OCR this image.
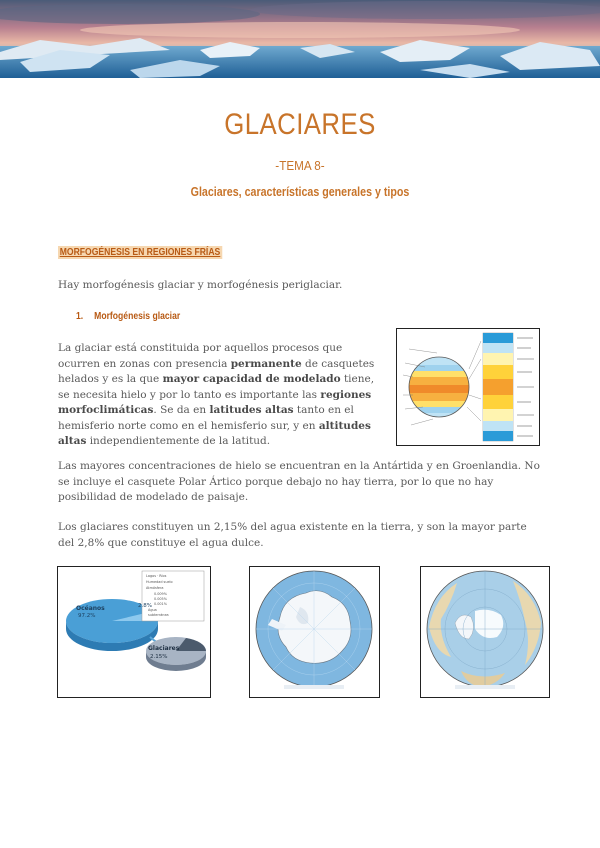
GLACIARES
-TEMA 8-
Glaciares, características generales y tipos
MORFOGÉNESIS EN REGIONES FRÍAS
Hay morfogénesis glaciar y morfogénesis periglaciar.
1. Morfogénesis glaciar
La glaciar está constituida por aquellos procesos que ocurren en zonas con presencia permanente de casquetes helados y es la que mayor capacidad de modelado tiene, se necesita hielo y por lo tanto es importante las regiones morfoclimáticas. Se da en latitudes altas tanto en el hemisferio norte como en el hemisferio sur, y en altitudes altas independientemente de la latitud.
Las mayores concentraciones de hielo se encuentran en la Antártida y en Groenlandia. No se incluye el casquete Polar Ártico porque debajo no hay tierra, por lo que no hay posibilidad de modelado de paisaje.
Los glaciares constituyen un 2,15% del agua existente en la tierra, y son la mayor parte del 2,8% que constituye el agua dulce.
Lagos · Ríos
Humedad suelo
Atmósfera
0.009%
0.005%
0.001%
Agua
subterránea
Océanos
97.2%
2.8%
Glaciares
2.15%
